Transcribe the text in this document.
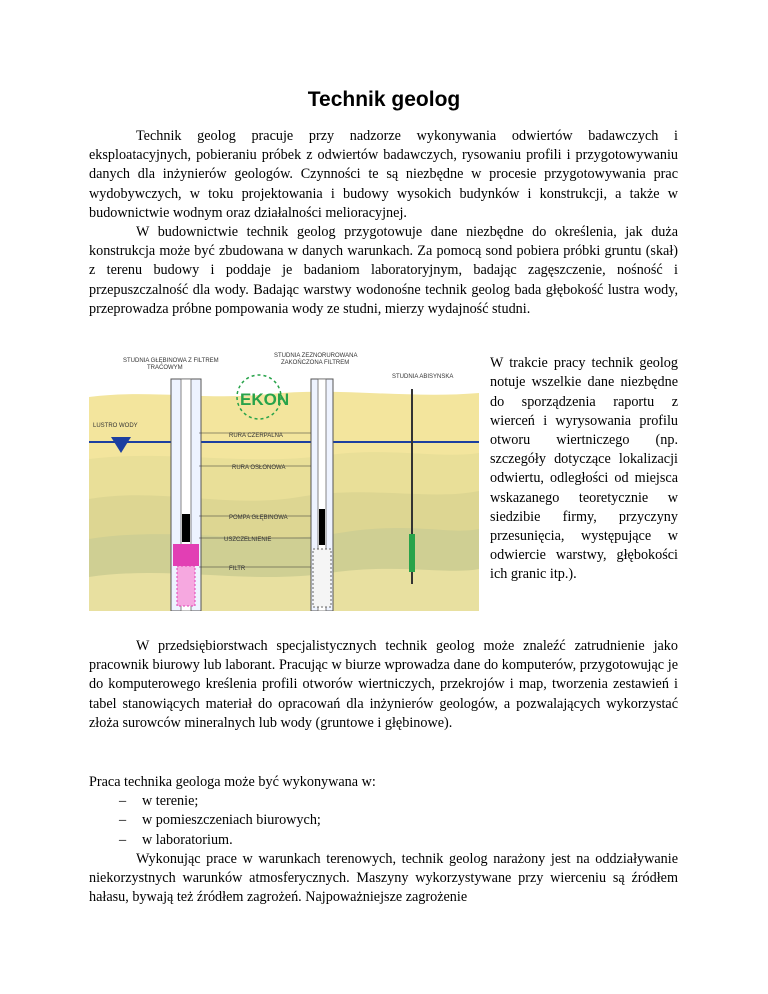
Technik geolog

Technik geolog pracuje przy nadzorze wykonywania odwiertów badawczych i eksploatacyjnych, pobieraniu próbek z odwiertów badawczych, rysowaniu profili i przygotowywaniu danych dla inżynierów geologów. Czynności te są niezbędne w procesie przygotowywania prac wydobywczych, w toku projektowania i budowy wysokich budynków i konstrukcji, a także w budownictwie wodnym oraz działalności melioracyjnej.

W budownictwie technik geolog przygotowuje dane niezbędne do określenia, jak duża konstrukcja może być zbudowana w danych warunkach. Za pomocą sond pobiera próbki gruntu (skał) z terenu budowy i poddaje je badaniom laboratoryjnym, badając zagęszczenie, nośność i przepuszczalność dla wody. Badając warstwy wodonośne technik geolog bada głębokość lustra wody, przeprowadza próbne pompowania wody ze studni, mierzy wydajność studni.

EKON
STUDNIA GŁĘBINOWA Z FILTREM
TRACOWYM
STUDNIA ZEZNORUROWANA
ZAKOŃCZONA FILTREM
STUDNIA ABISYNSKA
LUSTRO WODY
RURA CZERPALNA
RURA OSŁONOWA
POMPA GŁĘBINOWA
USZCZELNIENIE
FILTR

W trakcie pracy technik geolog notuje wszelkie dane niezbędne do sporządzenia raportu z wierceń i wyrysowania profilu otworu wiertniczego (np. szczegóły dotyczące lokalizacji odwiertu, odległości od miejsca wskazanego teoretycznie w siedzibie firmy, przyczyny przesunięcia, występujące w odwiercie warstwy, głębokości ich granic itp.).

W przedsiębiorstwach specjalistycznych technik geolog może znaleźć zatrudnienie jako pracownik biurowy lub laborant. Pracując w biurze wprowadza dane do komputerów, przygotowując je do komputerowego kreślenia profili otworów wiertniczych, przekrojów i map, tworzenia zestawień i tabel stanowiących materiał do opracowań dla inżynierów geologów, a pozwalających wykorzystać złoża surowców mineralnych lub wody (gruntowe i głębinowe).

Praca technika geologa może być wykonywana w:

– w terenie;
– w pomieszczeniach biurowych;
– w laboratorium.

Wykonując prace w warunkach terenowych, technik geolog narażony jest na oddziaływanie niekorzystnych warunków atmosferycznych. Maszyny wykorzystywane przy wierceniu są źródłem hałasu, bywają też źródłem zagrożeń. Najpoważniejsze zagrożenie
